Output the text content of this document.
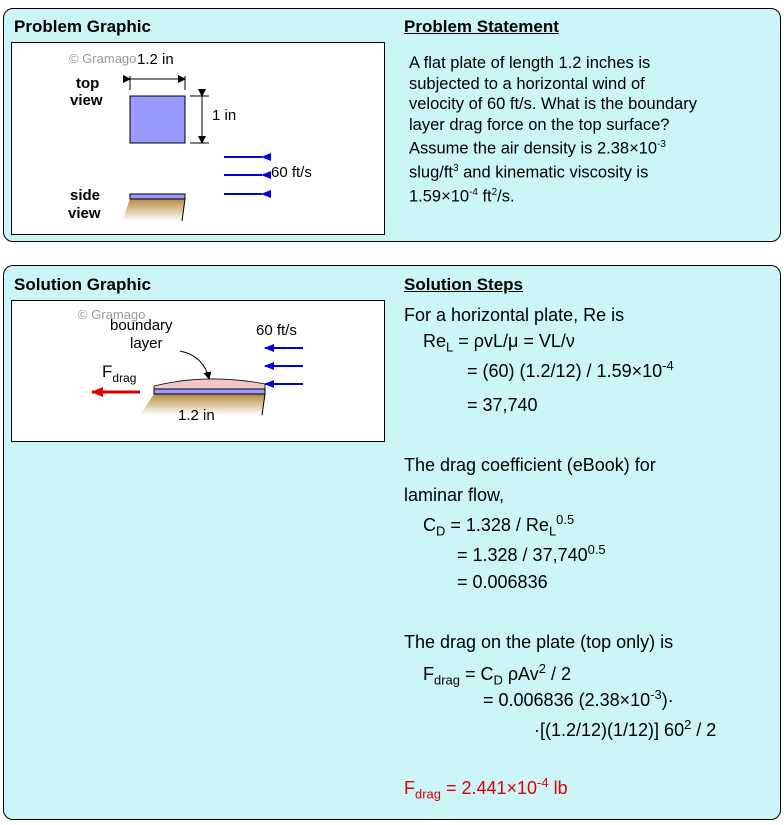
Problem Graphic	Problem Statement
© Gramago
top view
1.2 in
1 in
60 ft/s
side view
A flat plate of length 1.2 inches is
subjected to a horizontal wind of
velocity of 60 ft/s. What is the boundary
layer drag force on the top surface?
Assume the air density is $2.38\times 10^{-3}$
slug/$ft^3$ and kinematic viscosity is
$1.59\times 10^{-4}$ $ft^2/s$.
Solution Graphic	Solution Steps
© Gramago
boundary layer
$F_{drag}$
60 ft/s
1.2 in
For a horizontal plate, Re is
$Re_L = \rho vL/\mu = VL/\nu$
= (60) $(1.2/12) / 1.59\times 10^{-4}$
= 37,740
The drag coefficient (eBook) for
laminar flow,
$C_D = 1.328 / Re_L^{0.5}$
= $1.328 / 37,740^{0.5}$
= 0.006836
The drag on the plate (top only) is
$F_{drag} = C_D$ ρAv$^2$ / 2
= 0.006836 $(2.38\times 10^{-3})\cdot$
·[(1.2/12)(1/12)] $60^2 / 2$
$F_{drag} = 2.441\times 10^{-4}$ lb
